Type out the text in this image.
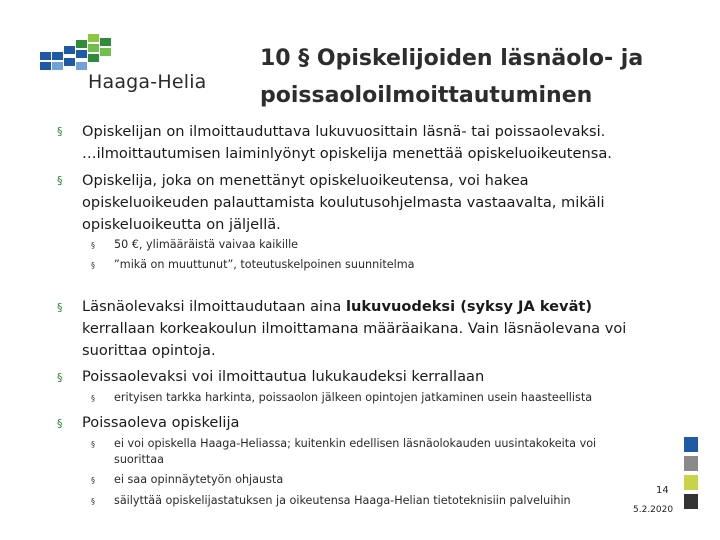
Haaga-Helia
10 § Opiskelijoiden läsnäolo- ja
poissaoloilmoittautuminen
§ Opiskelijan on ilmoittauduttava lukuvuosittain läsnä- tai poissaolevaksi.
…ilmoittautumisen laiminlyönyt opiskelija menettää opiskeluoikeutensa.
§ Opiskelija, joka on menettänyt opiskeluoikeutensa, voi hakea
opiskeluoikeuden palauttamista koulutusohjelmasta vastaavalta, mikäli
opiskeluoikeutta on jäljellä.
§ 50 €, ylimääräistä vaivaa kaikille
§ ”mikä on muuttunut”, toteutuskelpoinen suunnitelma
§ Läsnäolevaksi ilmoittaudutaan aina lukuvuodeksi (syksy JA kevät)
kerrallaan korkeakoulun ilmoittamana määräaikana. Vain läsnäolevana voi
suorittaa opintoja.
§ Poissaolevaksi voi ilmoittautua lukukaudeksi kerrallaan
§ erityisen tarkka harkinta, poissaolon jälkeen opintojen jatkaminen usein haasteellista
§ Poissaoleva opiskelija
§ ei voi opiskella Haaga-Heliassa; kuitenkin edellisen läsnäolokauden uusintakokeita voi
suorittaa
§ ei saa opinnäytetyön ohjausta
§ säilyttää opiskelijastatuksen ja oikeutensa Haaga-Helian tietoteknisiin palveluihin
14
5.2.2020
